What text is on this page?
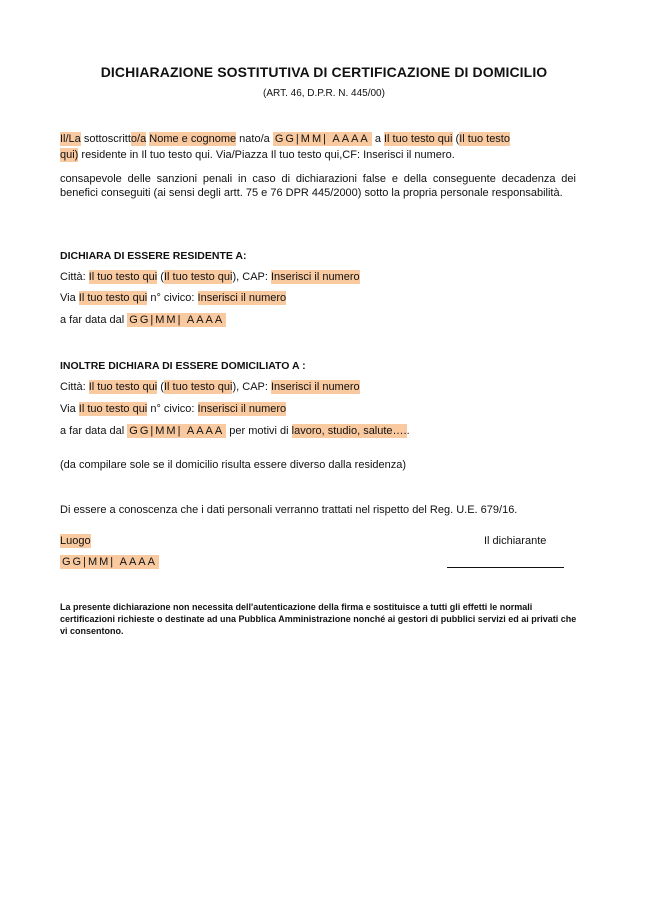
DICHIARAZIONE SOSTITUTIVA DI CERTIFICAZIONE DI DOMICILIO
(ART. 46, D.P.R. N. 445/00)
Il/La sottoscritto/a Nome e cognome nato/a GG|MM| AAAA a Il tuo testo qui (Il tuo testo
qui) residente in Il tuo testo qui. Via/Piazza Il tuo testo qui,CF: Inserisci il numero.
consapevole delle sanzioni penali in caso di dichiarazioni false e della conseguente decadenza dei benefici conseguiti (ai sensi degli artt. 75 e 76 DPR 445/2000) sotto la propria personale responsabilità.
DICHIARA DI ESSERE RESIDENTE A:
Città: Il tuo testo qui (Il tuo testo qui), CAP: Inserisci il numero
Via Il tuo testo qui n° civico: Inserisci il numero
a far data dal GG|MM| AAAA
INOLTRE DICHIARA DI ESSERE DOMICILIATO A :
Città: Il tuo testo qui (Il tuo testo qui), CAP: Inserisci il numero
Via Il tuo testo qui n° civico: Inserisci il numero
a far data dal GG|MM| AAAA per motivi di lavoro, studio, salute…..
(da compilare sole se il domicilio risulta essere diverso dalla residenza)
Di essere a conoscenza che i dati personali verranno trattati nel rispetto del Reg. U.E. 679/16.
Luogo	Il dichiarante
GG|MM| AAAA
La presente dichiarazione non necessita dell'autenticazione della firma e sostituisce a tutti gli effetti le normali certificazioni richieste o destinate ad una Pubblica Amministrazione nonché ai gestori di pubblici servizi ed ai privati che vi consentono.
